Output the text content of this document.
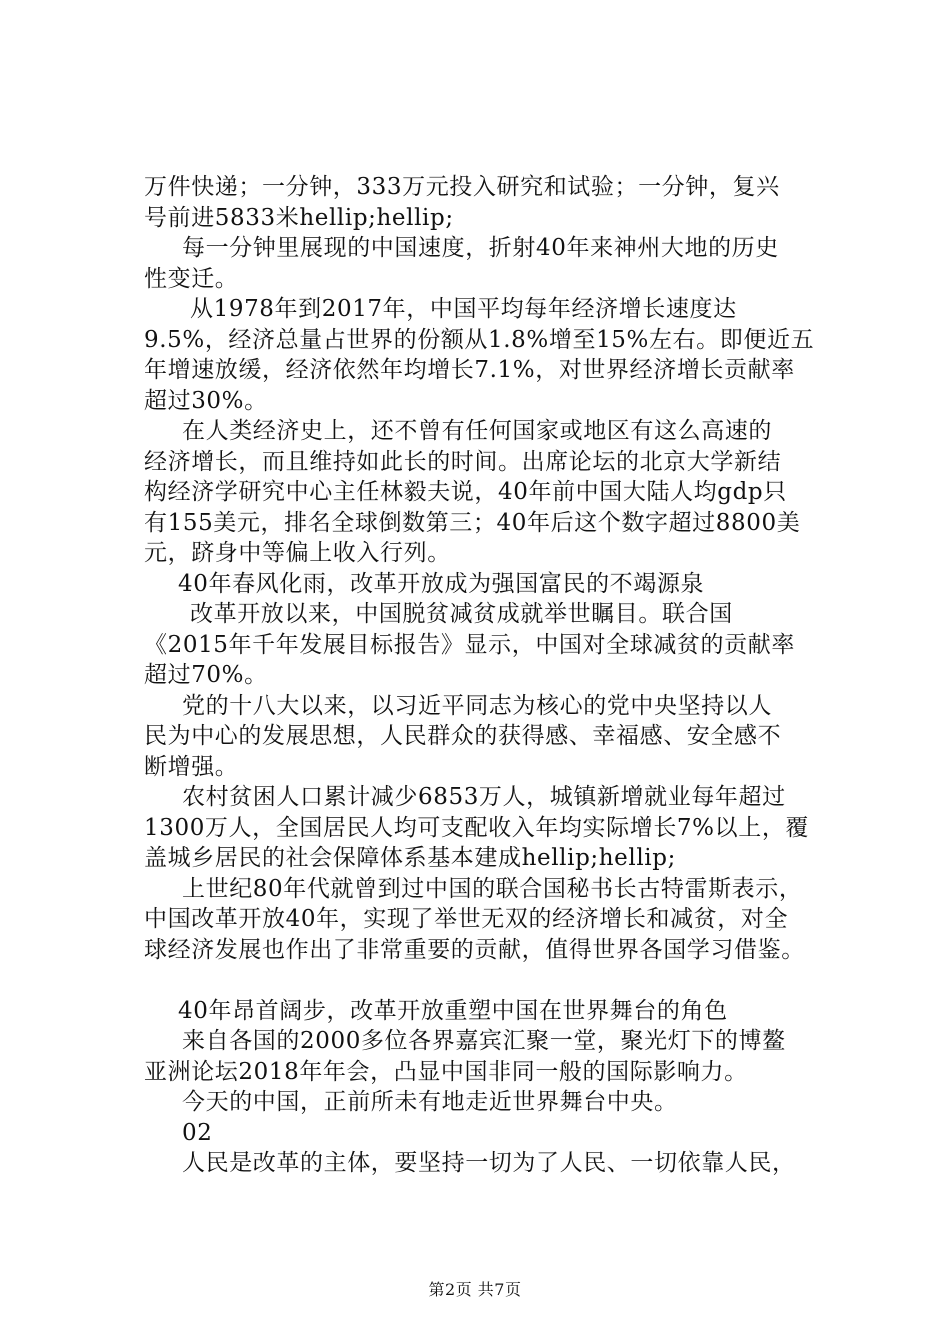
万件快递；一分钟，333万元投入研究和试验；一分钟，复兴
号前进5833米hellip;hellip;
每一分钟里展现的中国速度，折射40年来神州大地的历史
性变迁。
从1978年到2017年，中国平均每年经济增长速度达
9.5%，经济总量占世界的份额从1.8%增至15%左右。即便近五
年增速放缓，经济依然年均增长7.1%，对世界经济增长贡献率
超过30%。
在人类经济史上，还不曾有任何国家或地区有这么高速的
经济增长，而且维持如此长的时间。出席论坛的北京大学新结
构经济学研究中心主任林毅夫说，40年前中国大陆人均gdp只
有155美元，排名全球倒数第三；40年后这个数字超过8800美
元，跻身中等偏上收入行列。
40年春风化雨，改革开放成为强国富民的不竭源泉
改革开放以来，中国脱贫减贫成就举世瞩目。联合国
《2015年千年发展目标报告》显示，中国对全球减贫的贡献率
超过70%。
党的十八大以来，以习近平同志为核心的党中央坚持以人
民为中心的发展思想，人民群众的获得感、幸福感、安全感不
断增强。
农村贫困人口累计减少6853万人，城镇新增就业每年超过
1300万人，全国居民人均可支配收入年均实际增长7%以上，覆
盖城乡居民的社会保障体系基本建成hellip;hellip;
上世纪80年代就曾到过中国的联合国秘书长古特雷斯表示，
中国改革开放40年，实现了举世无双的经济增长和减贫，对全
球经济发展也作出了非常重要的贡献，值得世界各国学习借鉴。
40年昂首阔步，改革开放重塑中国在世界舞台的角色
来自各国的2000多位各界嘉宾汇聚一堂，聚光灯下的博鳌
亚洲论坛2018年年会，凸显中国非同一般的国际影响力。
今天的中国，正前所未有地走近世界舞台中央。
02
人民是改革的主体，要坚持一切为了人民、一切依靠人民，
第2页 共7页
